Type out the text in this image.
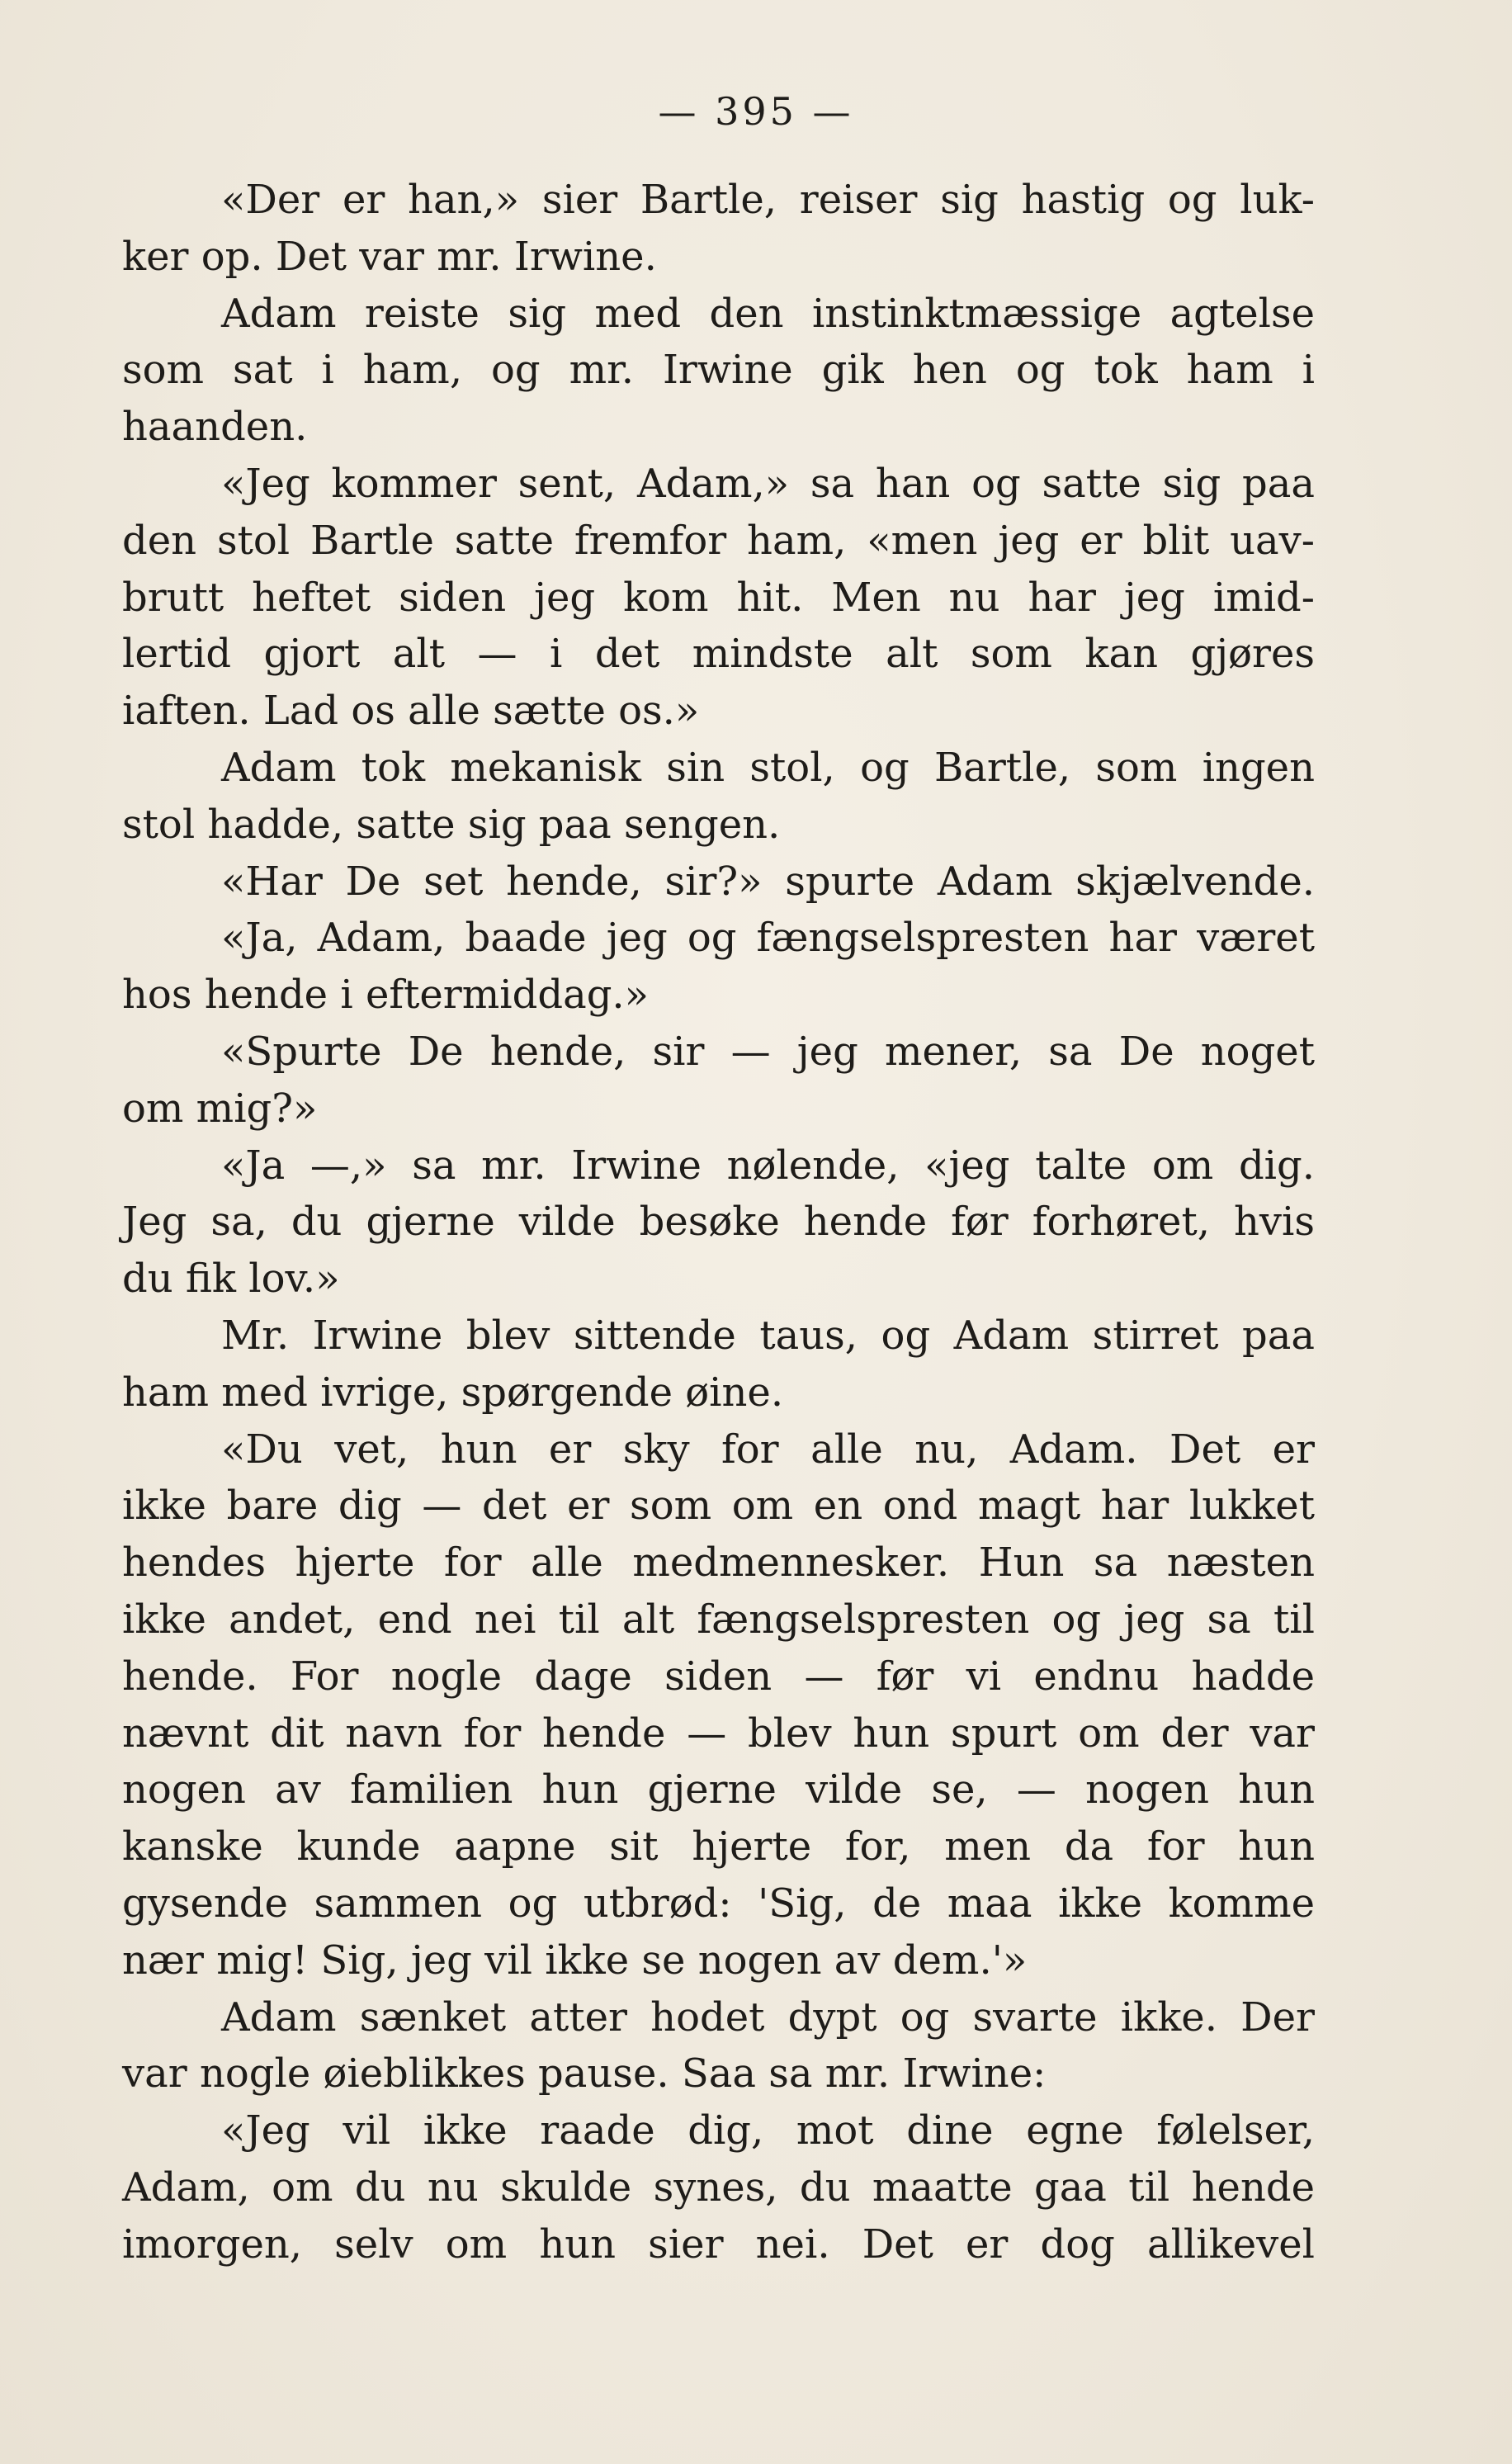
— 395 —
«Der er han,» sier Bartle, reiser sig hastig og luk-
ker op. Det var mr. Irwine.
Adam reiste sig med den instinktmæssige agtelse
som sat i ham, og mr. Irwine gik hen og tok ham i
haanden.
«Jeg kommer sent, Adam,» sa han og satte sig paa
den stol Bartle satte fremfor ham, «men jeg er blit uav-
brutt heftet siden jeg kom hit. Men nu har jeg imid-
lertid gjort alt — i det mindste alt som kan gjøres
iaften. Lad os alle sætte os.»
Adam tok mekanisk sin stol, og Bartle, som ingen
stol hadde, satte sig paa sengen.
«Har De set hende, sir?» spurte Adam skjælvende.
«Ja, Adam, baade jeg og fængselspresten har været
hos hende i eftermiddag.»
«Spurte De hende, sir — jeg mener, sa De noget
om mig?»
«Ja —,» sa mr. Irwine nølende, «jeg talte om dig.
Jeg sa, du gjerne vilde besøke hende før forhøret, hvis
du fik lov.»
Mr. Irwine blev sittende taus, og Adam stirret paa
ham med ivrige, spørgende øine.
«Du vet, hun er sky for alle nu, Adam. Det er
ikke bare dig — det er som om en ond magt har lukket
hendes hjerte for alle medmennesker. Hun sa næsten
ikke andet, end nei til alt fængselspresten og jeg sa til
hende. For nogle dage siden — før vi endnu hadde
nævnt dit navn for hende — blev hun spurt om der var
nogen av familien hun gjerne vilde se, — nogen hun
kanske kunde aapne sit hjerte for, men da for hun
gysende sammen og utbrød: 'Sig, de maa ikke komme
nær mig! Sig, jeg vil ikke se nogen av dem.'»
Adam sænket atter hodet dypt og svarte ikke. Der
var nogle øieblikkes pause. Saa sa mr. Irwine:
«Jeg vil ikke raade dig, mot dine egne følelser,
Adam, om du nu skulde synes, du maatte gaa til hende
imorgen, selv om hun sier nei. Det er dog allikevel
